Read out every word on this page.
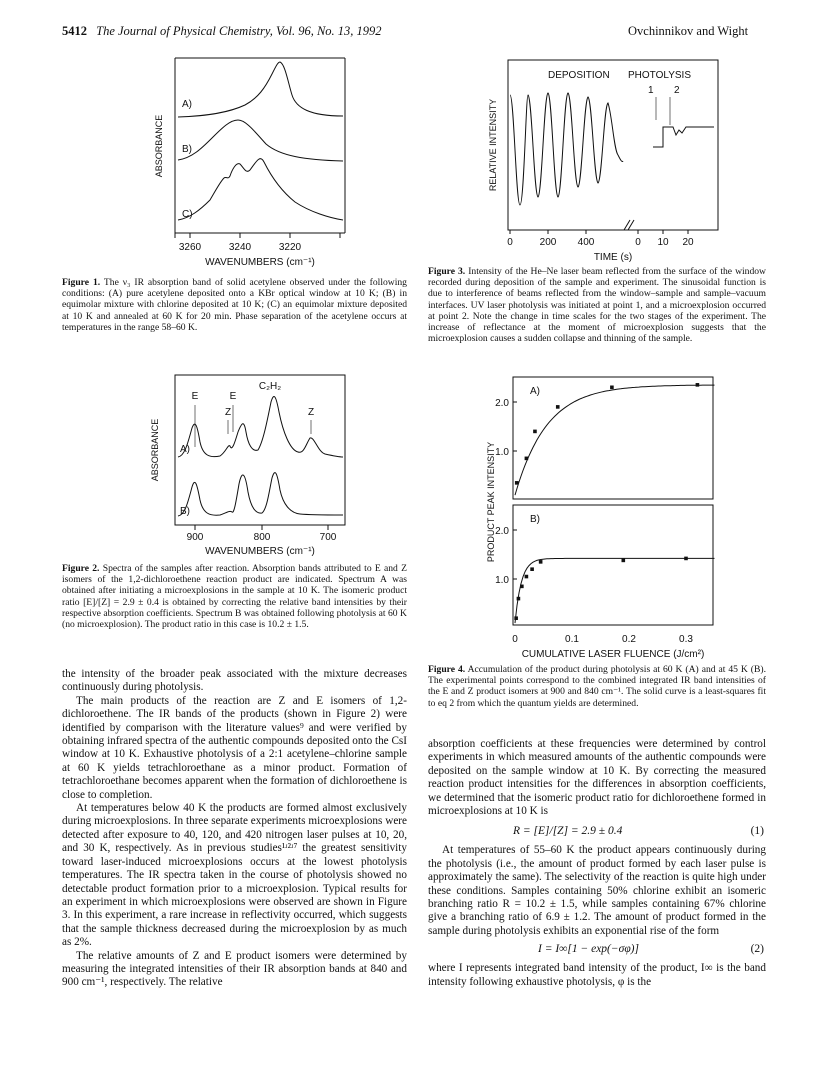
5412 The Journal of Physical Chemistry, Vol. 96, No. 13, 1992	Ovchinnikov and Wight
A)
B)
C)
ABSORBANCE
3260	3240	3220
WAVENUMBERS (cm⁻¹)
Figure 1. The ν₃ IR absorption band of solid acetylene observed under the following conditions: (A) pure acetylene deposited onto a KBr optical window at 10 K; (B) in equimolar mixture with chlorine deposited at 10 K; (C) an equimolar mixture deposited at 10 K and annealed at 60 K for 20 min. Phase separation of the acetylene occurs at temperatures in the range 58–60 K.
ABSORBANCE
E	E
C₂H₂
Z	Z
A)
B)
900	800	700
WAVENUMBERS (cm⁻¹)
Figure 2. Spectra of the samples after reaction. Absorption bands attributed to E and Z isomers of the 1,2-dichloroethene reaction product are indicated. Spectrum A was obtained after initiating a microexplosions in the sample at 10 K. The isomeric product ratio [E]/[Z] = 2.9 ± 0.4 is obtained by correcting the relative band intensities by their respective absorption coefficients. Spectrum B was obtained following photolysis at 60 K (no microexplosion). The product ratio in this case is 10.2 ± 1.5.

the intensity of the broader peak associated with the mixture decreases continuously during photolysis.

The main products of the reaction are Z and E isomers of 1,2-dichloroethene. The IR bands of the products (shown in Figure 2) were identified by comparison with the literature values⁹ and were verified by obtaining infrared spectra of the authentic compounds deposited onto the CsI window at 10 K. Exhaustive photolysis of a 2:1 acetylene–chlorine sample at 60 K yields tetrachloroethane as a minor product. Formation of tetrachloroethane becomes apparent when the formation of dichloroethene is close to completion.

At temperatures below 40 K the products are formed almost exclusively during microexplosions. In three separate experiments microexplosions were detected after exposure to 40, 120, and 420 nitrogen laser pulses at 10, 20, and 30 K, respectively. As in previous studies¹ʴ²ʴ⁷ the greatest sensitivity toward laser-induced microexplosions occurs at the lowest photolysis temperatures. The IR spectra taken in the course of photolysis showed no detectable product formation prior to a microexplosion. Typical results for an experiment in which microexplosions were observed are shown in Figure 3. In this experiment, a rare increase in reflectivity occurred, which suggests that the sample thickness decreased during the microexplosion by as much as 2%.

The relative amounts of Z and E product isomers were determined by measuring the integrated intensities of their IR absorption bands at 840 and 900 cm⁻¹, respectively. The relative

DEPOSITION PHOTOLYSIS
1 2
RELATIVE INTENSITY
0	200 400	0 10 20
TIME (s)
Figure 3. Intensity of the He–Ne laser beam reflected from the surface of the window recorded during deposition of the sample and experiment. The sinusoidal function is due to interference of beams reflected from the window–sample and sample–vacuum interfaces. UV laser photolysis was initiated at point 1, and a microexplosion occurred at point 2. Note the change in time scales for the two stages of the experiment. The increase of reflectance at the moment of microexplosion suggests that the microexplosion causes a sudden collapse and thinning of the sample.
A)
B)
PRODUCT PEAK INTENSITY
2.0
1.0
2.0
1.0
0	0.1	0.2	0.3
CUMULATIVE LASER FLUENCE (J/cm²)
Figure 4. Accumulation of the product during photolysis at 60 K (A) and at 45 K (B). The experimental points correspond to the combined integrated IR band intensities of the E and Z product isomers at 900 and 840 cm⁻¹. The solid curve is a least-squares fit to eq 2 from which the quantum yields are determined.

absorption coefficients at these frequencies were determined by control experiments in which measured amounts of the authentic compounds were deposited on the sample window at 10 K. By correcting the measured reaction product intensities for the differences in absorption coefficients, we determined that the isomeric product ratio for dichloroethene formed in microexplosions at 10 K is

R = [E]/[Z] = 2.9 ± 0.4	(1)

At temperatures of 55–60 K the product appears continuously during the photolysis (i.e., the amount of product formed by each laser pulse is approximately the same). The selectivity of the reaction is quite high under these conditions. Samples containing 50% chlorine exhibit an isomeric branching ratio R = 10.2 ± 1.5, while samples containing 67% chlorine give a branching ratio of 6.9 ± 1.2. The amount of product formed in the sample during photolysis exhibits an exponential rise of the form

I = I∞[1 − exp(−σφ)]	(2)

where I represents integrated band intensity of the product, I∞ is the band intensity following exhaustive photolysis, φ is the
